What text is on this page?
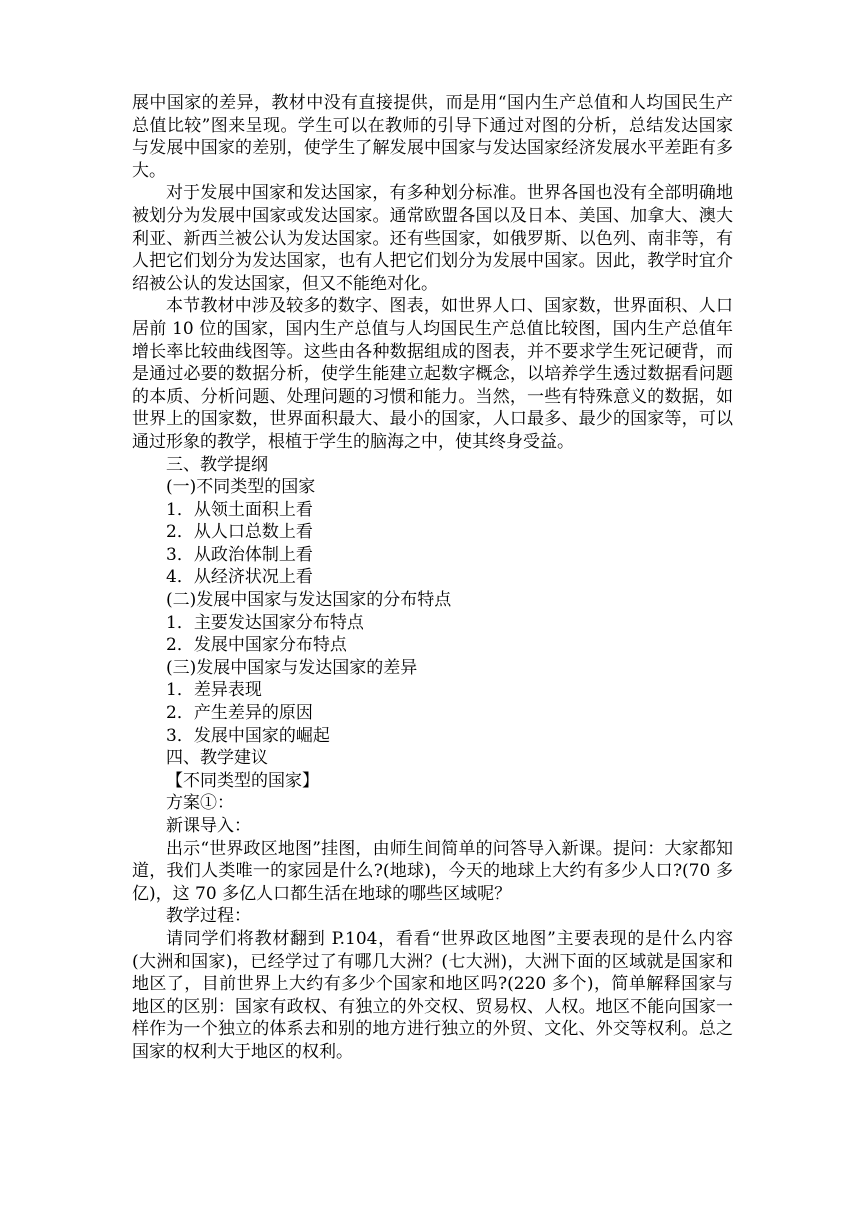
展中国家的差异，教材中没有直接提供，而是用“国内生产总值和人均国民生产总值比较”图来呈现。学生可以在教师的引导下通过对图的分析，总结发达国家与发展中国家的差别，使学生了解发展中国家与发达国家经济发展水平差距有多大。

对于发展中国家和发达国家，有多种划分标准。世界各国也没有全部明确地被划分为发展中国家或发达国家。通常欧盟各国以及日本、美国、加拿大、澳大利亚、新西兰被公认为发达国家。还有些国家，如俄罗斯、以色列、南非等，有人把它们划分为发达国家，也有人把它们划分为发展中国家。因此，教学时宜介绍被公认的发达国家，但又不能绝对化。

本节教材中涉及较多的数字、图表，如世界人口、国家数，世界面积、人口居前 10 位的国家，国内生产总值与人均国民生产总值比较图，国内生产总值年增长率比较曲线图等。这些由各种数据组成的图表，并不要求学生死记硬背，而是通过必要的数据分析，使学生能建立起数字概念，以培养学生透过数据看问题的本质、分析问题、处理问题的习惯和能力。当然，一些有特殊意义的数据，如世界上的国家数，世界面积最大、最小的国家，人口最多、最少的国家等，可以通过形象的教学，根植于学生的脑海之中，使其终身受益。

三、教学提纲
(一)不同类型的国家
1．从领土面积上看
2．从人口总数上看
3．从政治体制上看
4．从经济状况上看
(二)发展中国家与发达国家的分布特点
1．主要发达国家分布特点
2．发展中国家分布特点
(三)发展中国家与发达国家的差异
1．差异表现
2．产生差异的原因
3．发展中国家的崛起
四、教学建议
【不同类型的国家】
方案①：
新课导入：

出示“世界政区地图”挂图，由师生间简单的问答导入新课。提问：大家都知道，我们人类唯一的家园是什么?(地球)，今天的地球上大约有多少人口?(70 多亿)，这 70 多亿人口都生活在地球的哪些区域呢？

教学过程：

请同学们将教材翻到 P.104，看看“世界政区地图”主要表现的是什么内容(大洲和国家)，已经学过了有哪几大洲？(七大洲)，大洲下面的区域就是国家和地区了，目前世界上大约有多少个国家和地区吗?(220 多个)，简单解释国家与地区的区别：国家有政权、有独立的外交权、贸易权、人权。地区不能向国家一样作为一个独立的体系去和别的地方进行独立的外贸、文化、外交等权利。总之国家的权利大于地区的权利。
